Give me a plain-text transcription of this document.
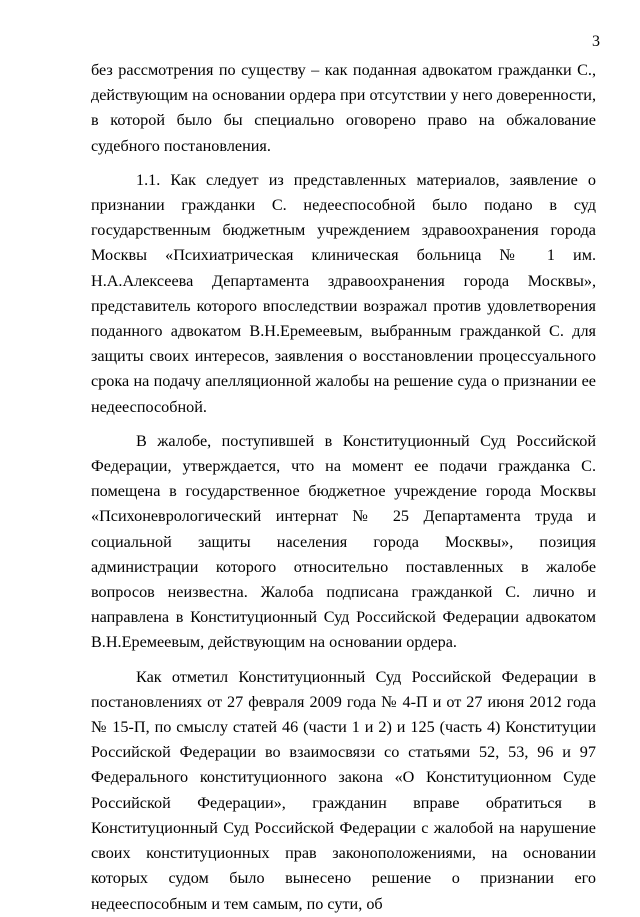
3

без рассмотрения по существу – как поданная адвокатом гражданки С., действующим на основании ордера при отсутствии у него доверенности, в которой было бы специально оговорено право на обжалование судебного постановления.

1.1. Как следует из представленных материалов, заявление о признании гражданки С. недееспособной было подано в суд государственным бюджетным учреждением здравоохранения города Москвы «Психиатрическая клиническая больница № 1 им. Н.А.Алексеева Департамента здравоохранения города Москвы», представитель которого впоследствии возражал против удовлетворения поданного адвокатом В.Н.Еремеевым, выбранным гражданкой С. для защиты своих интересов, заявления о восстановлении процессуального срока на подачу апелляционной жалобы на решение суда о признании ее недееспособной.

В жалобе, поступившей в Конституционный Суд Российской Федерации, утверждается, что на момент ее подачи гражданка С. помещена в государственное бюджетное учреждение города Москвы «Психоневрологический интернат № 25 Департамента труда и социальной защиты населения города Москвы», позиция администрации которого относительно поставленных в жалобе вопросов неизвестна. Жалоба подписана гражданкой С. лично и направлена в Конституционный Суд Российской Федерации адвокатом В.Н.Еремеевым, действующим на основании ордера.

Как отметил Конституционный Суд Российской Федерации в постановлениях от 27 февраля 2009 года № 4-П и от 27 июня 2012 года № 15-П, по смыслу статей 46 (части 1 и 2) и 125 (часть 4) Конституции Российской Федерации во взаимосвязи со статьями 52, 53, 96 и 97 Федерального конституционного закона «О Конституционном Суде Российской Федерации», гражданин вправе обратиться в Конституционный Суд Российской Федерации с жалобой на нарушение своих конституционных прав законоположениями, на основании которых судом было вынесено решение о признании его недееспособным и тем самым, по сути, об
